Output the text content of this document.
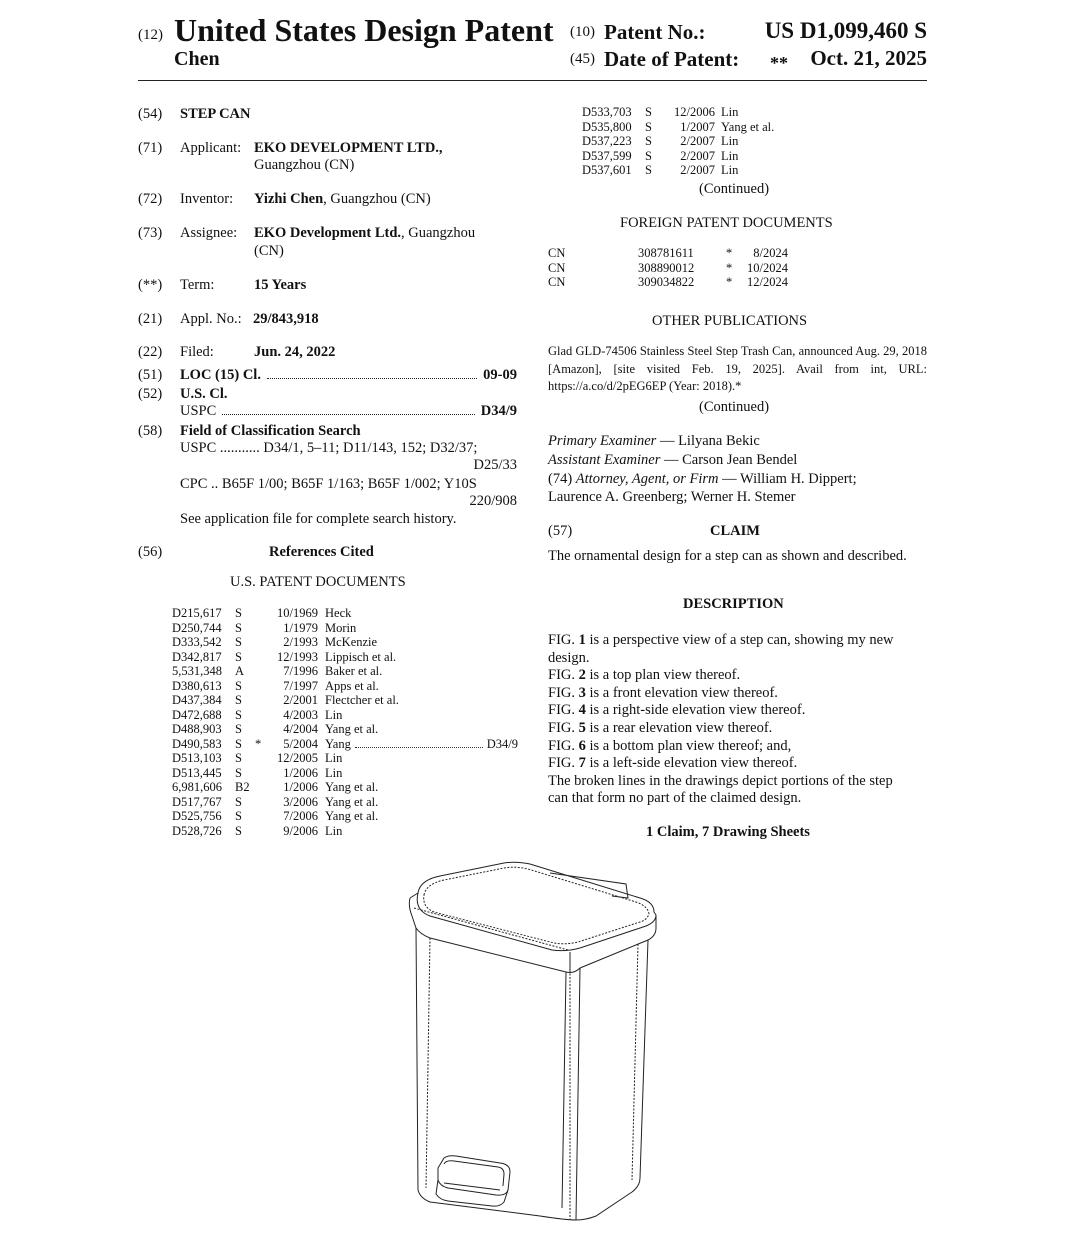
(12) United States Design Patent
Chen
(10) Patent No.:	US D1,099,460 S
(45) Date of Patent: ** Oct. 21, 2025
(54) STEP CAN
(71) Applicant: EKO DEVELOPMENT LTD.,
Guangzhou (CN)
(72) Inventor: Yizhi Chen, Guangzhou (CN)
(73) Assignee: EKO Development Ltd., Guangzhou
(CN)
(**) Term:	15 Years
(21) Appl. No.: 29/843,918
(22) Filed:	Jun. 24, 2022
(51) LOC (15) Cl.	09-09
(52) U.S. Cl.
USPC	D34/9
(58) Field of Classification Search
USPC ........... D34/1, 5–11; D11/143, 152; D32/37;
D25/33
CPC .. B65F 1/00; B65F 1/163; B65F 1/002; Y10S
220/908
See application file for complete search history.
(56)	References Cited
U.S. PATENT DOCUMENTS
D215,617	S	10/1969 Heck
D250,744	S	1/1979 Morin
D333,542	S	2/1993 McKenzie
D342,817	S	12/1993 Lippisch et al.
5,531,348	A	7/1996 Baker et al.
D380,613	S	7/1997 Apps et al.
D437,384	S	2/2001 Flectcher et al.
D472,688	S	4/2003 Lin
D488,903	S	4/2004 Yang et al.
D490,583	S	*	5/2004 Yang	D34/9
D513,103	S	12/2005 Lin
D513,445	S	1/2006 Lin
6,981,606	B2	1/2006 Yang et al.
D517,767	S	3/2006 Yang et al.
D525,756	S	7/2006 Yang et al.
D528,726	S	9/2006 Lin
D533,703	S	12/2006 Lin
D535,800	S	1/2007 Yang et al.
D537,223	S	2/2007 Lin
D537,599	S	2/2007 Lin
D537,601	S	2/2007 Lin
(Continued)
FOREIGN PATENT DOCUMENTS
CN	308781611	*	8/2024
CN	308890012	*	10/2024
CN	309034822	*	12/2024
OTHER PUBLICATIONS
Glad GLD-74506 Stainless Steel Step Trash Can, announced Aug. 29, 2018 [Amazon], [site visited Feb. 19, 2025]. Avail from int, URL: https://a.co/d/2pEG6EP (Year: 2018).*
(Continued)
Primary Examiner — Lilyana Bekic
Assistant Examiner — Carson Jean Bendel
(74) Attorney, Agent, or Firm — William H. Dippert;
Laurence A. Greenberg; Werner H. Stemer
(57)	CLAIM
The ornamental design for a step can as shown and described.
DESCRIPTION
FIG. 1 is a perspective view of a step can, showing my new
design.
FIG. 2 is a top plan view thereof.
FIG. 3 is a front elevation view thereof.
FIG. 4 is a right-side elevation view thereof.
FIG. 5 is a rear elevation view thereof.
FIG. 6 is a bottom plan view thereof; and,
FIG. 7 is a left-side elevation view thereof.
The broken lines in the drawings depict portions of the step
can that form no part of the claimed design.
1 Claim, 7 Drawing Sheets
